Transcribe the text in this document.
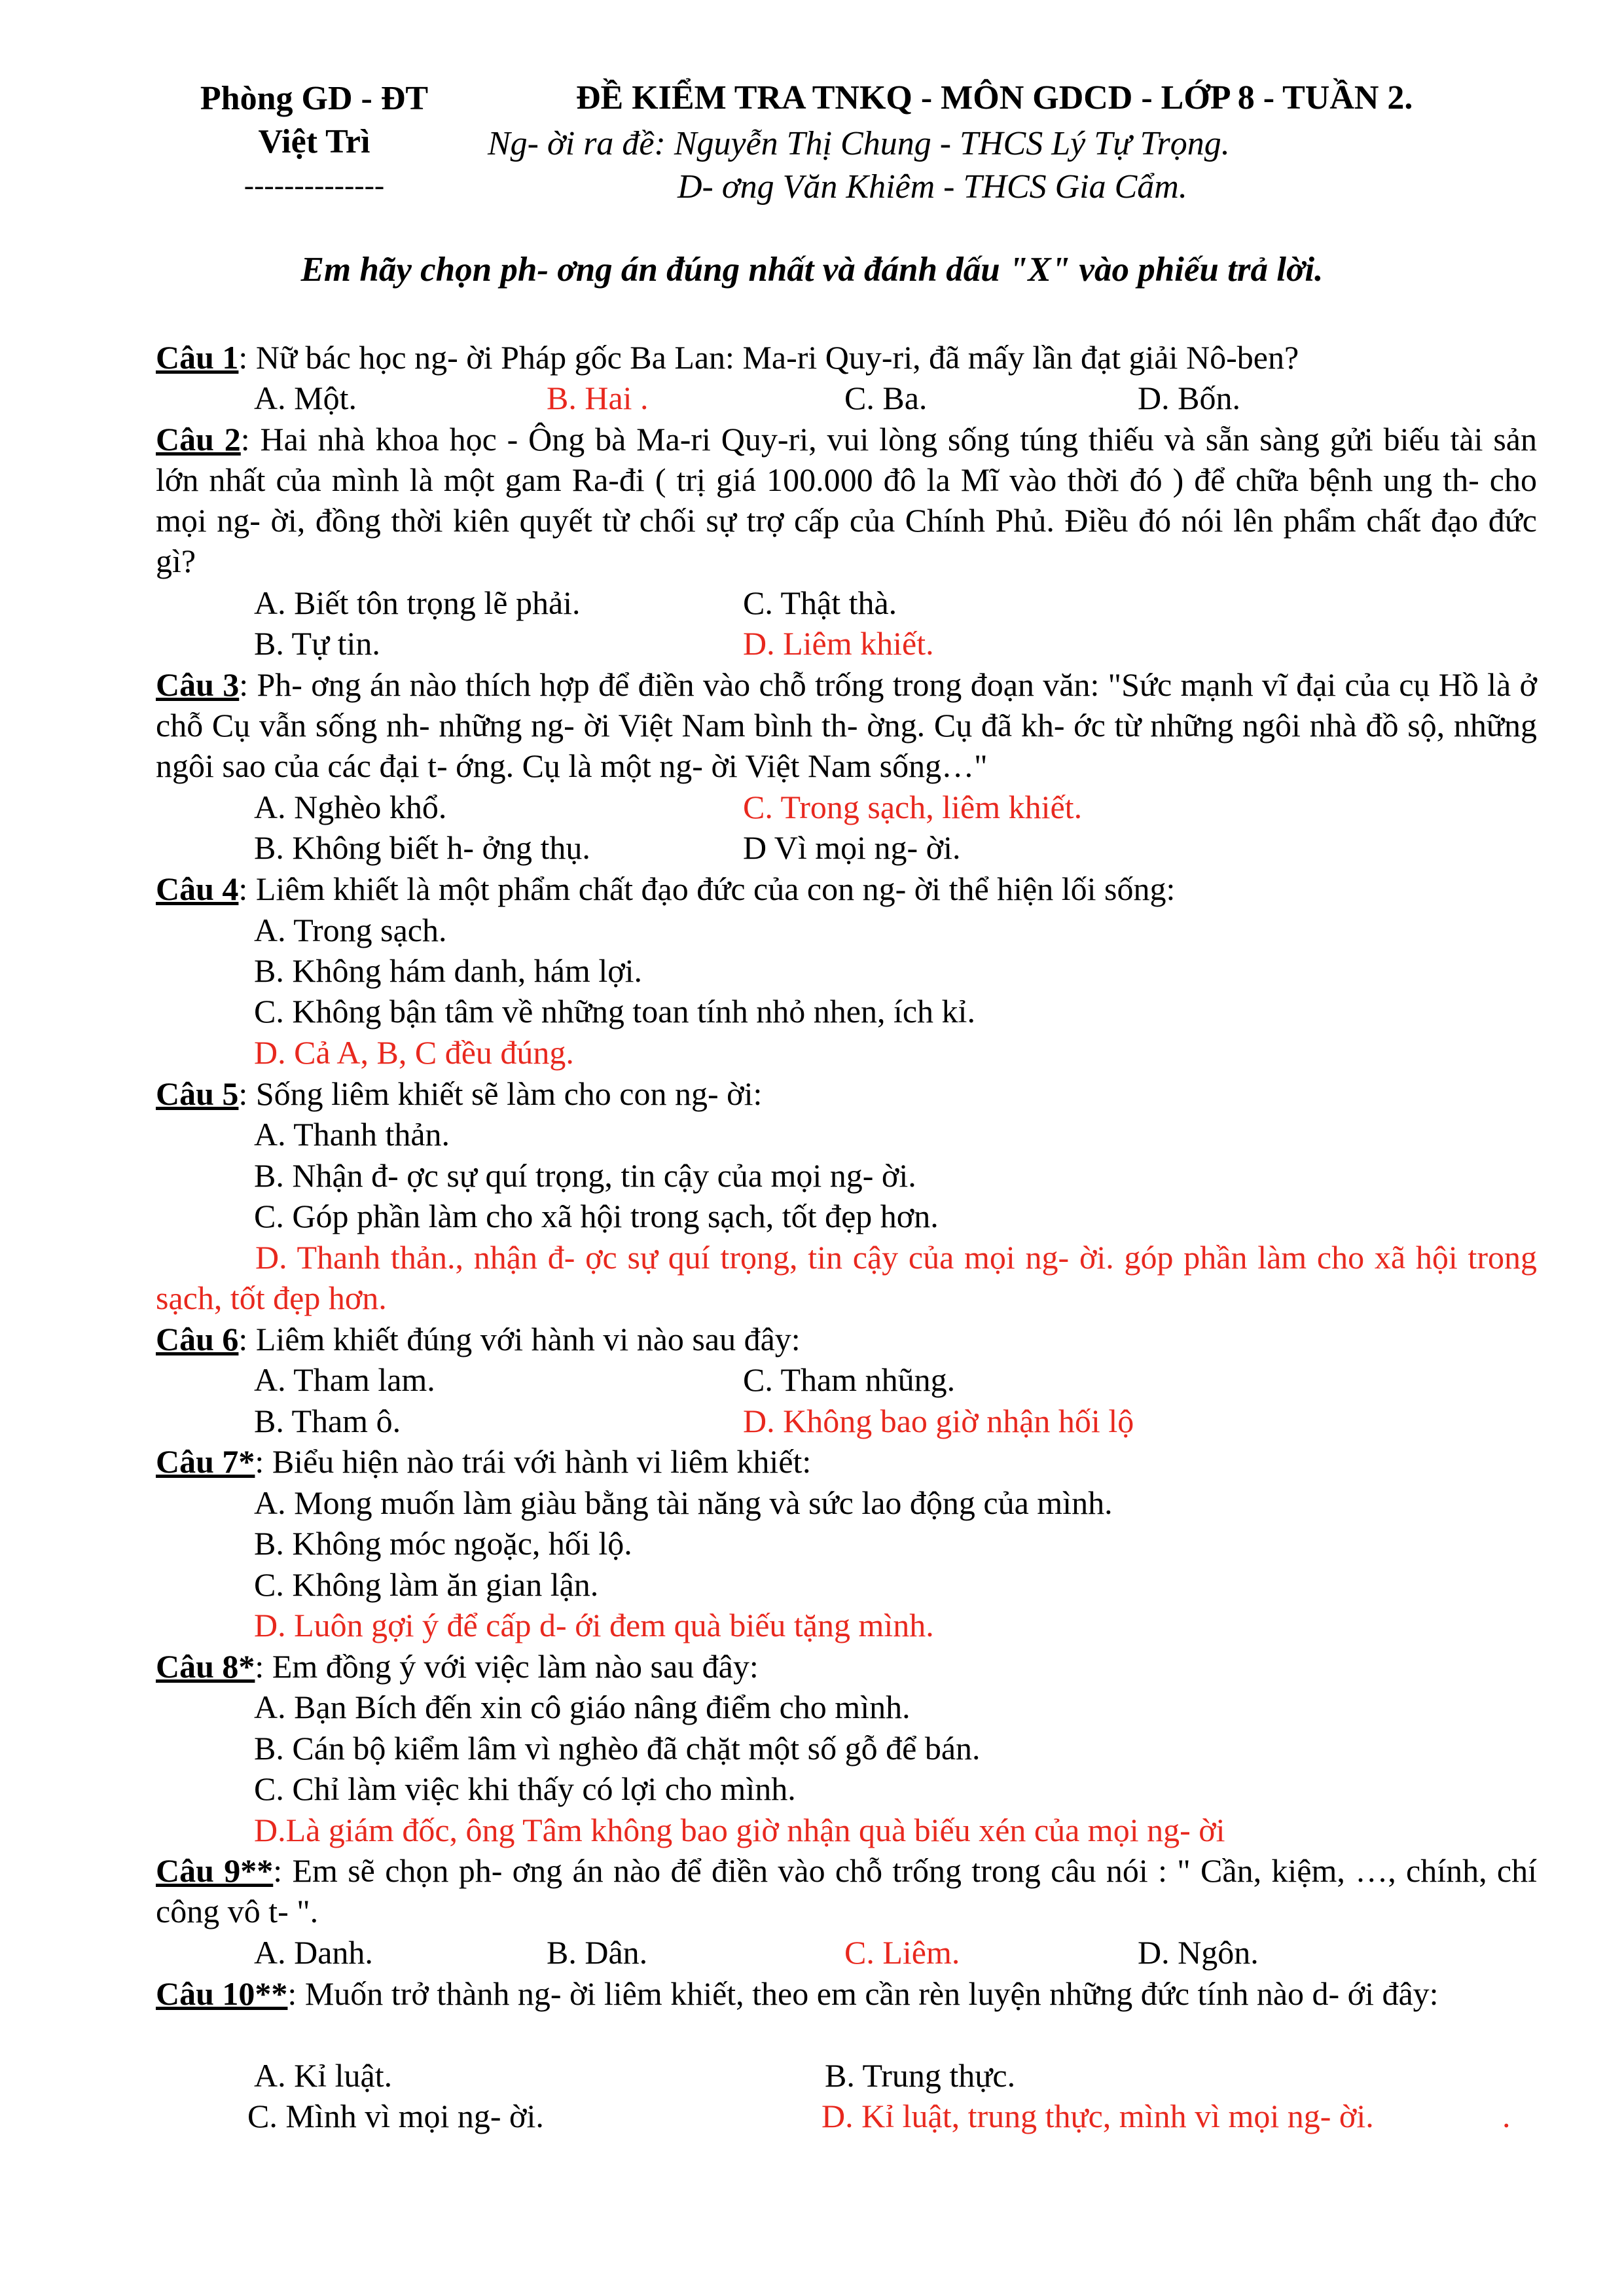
Phòng GD - ĐT
Việt Trì
--------------
ĐỀ KIỂM TRA TNKQ - MÔN GDCD - LỚP 8 - TUẦN 2.
Ng- ời ra đề: Nguyễn Thị Chung - THCS Lý Tự Trọng.
D- ơng Văn Khiêm - THCS Gia Cẩm.
Em hãy chọn ph- ơng án đúng nhất và đánh dấu "X" vào phiếu trả lời.
Câu 1: Nữ bác học ng- ời Pháp gốc Ba Lan: Ma-ri Quy-ri, đã mấy lần đạt giải Nô-ben?
A. Một.	B. Hai .	C. Ba.	D. Bốn.
Câu 2: Hai nhà khoa học - Ông bà Ma-ri Quy-ri, vui lòng sống túng thiếu và sẵn sàng gửi biếu tài sản lớn nhất của mình là một gam Ra-đi ( trị giá 100.000 đô la Mĩ vào thời đó ) để chữa bệnh ung th- cho mọi ng- ời, đồng thời kiên quyết từ chối sự trợ cấp của Chính Phủ. Điều đó nói lên phẩm chất đạo đức gì?
A. Biết tôn trọng lẽ phải.	C. Thật thà.
B. Tự tin.	D. Liêm khiết.
Câu 3: Ph- ơng án nào thích hợp để điền vào chỗ trống trong đoạn văn: "Sức mạnh vĩ đại của cụ Hồ là ở chỗ Cụ vẫn sống nh- những ng- ời Việt Nam bình th- ờng. Cụ đã kh- ớc từ những ngôi nhà đồ sộ, những ngôi sao của các đại t- ớng. Cụ là một ng- ời Việt Nam sống…"
A. Nghèo khổ.	C. Trong sạch, liêm khiết.
B. Không biết h- ởng thụ.	D Vì mọi ng- ời.
Câu 4: Liêm khiết là một phẩm chất đạo đức của con ng- ời thể hiện lối sống:
A. Trong sạch.
B. Không hám danh, hám lợi.
C. Không bận tâm về những toan tính nhỏ nhen, ích kỉ.
D. Cả A, B, C đều đúng.
Câu 5: Sống liêm khiết sẽ làm cho con ng- ời:
A. Thanh thản.
B. Nhận đ- ợc sự quí trọng, tin cậy của mọi ng- ời.
C. Góp phần làm cho xã hội trong sạch, tốt đẹp hơn.
D. Thanh thản., nhận đ- ợc sự quí trọng, tin cậy của mọi ng- ời. góp phần làm cho xã hội trong sạch, tốt đẹp hơn.
Câu 6: Liêm khiết đúng với hành vi nào sau đây:
A. Tham lam.	C. Tham nhũng.
B. Tham ô.	D. Không bao giờ nhận hối lộ
Câu 7*: Biểu hiện nào trái với hành vi liêm khiết:
A. Mong muốn làm giàu bằng tài năng và sức lao động của mình.
B. Không móc ngoặc, hối lộ.
C. Không làm ăn gian lận.
D. Luôn gợi ý để cấp d- ới đem quà biếu tặng mình.
Câu 8*: Em đồng ý với việc làm nào sau đây:
A. Bạn Bích đến xin cô giáo nâng điểm cho mình.
B. Cán bộ kiểm lâm vì nghèo đã chặt một số gỗ để bán.
C. Chỉ làm việc khi thấy có lợi cho mình.
D.Là giám đốc, ông Tâm không bao giờ nhận quà biếu xén của mọi ng- ời
Câu 9**: Em sẽ chọn ph- ơng án nào để điền vào chỗ trống trong câu nói : " Cần, kiệm, …, chính, chí công vô t- ".
A. Danh.	B. Dân.	C. Liêm.	D. Ngôn.
Câu 10**: Muốn trở thành ng- ời liêm khiết, theo em cần rèn luyện những đức tính nào d- ới đây:
A. Kỉ luật.	B. Trung thực.
C. Mình vì mọi ng- ời.	D. Kỉ luật, trung thực, mình vì mọi ng- ời.	.
